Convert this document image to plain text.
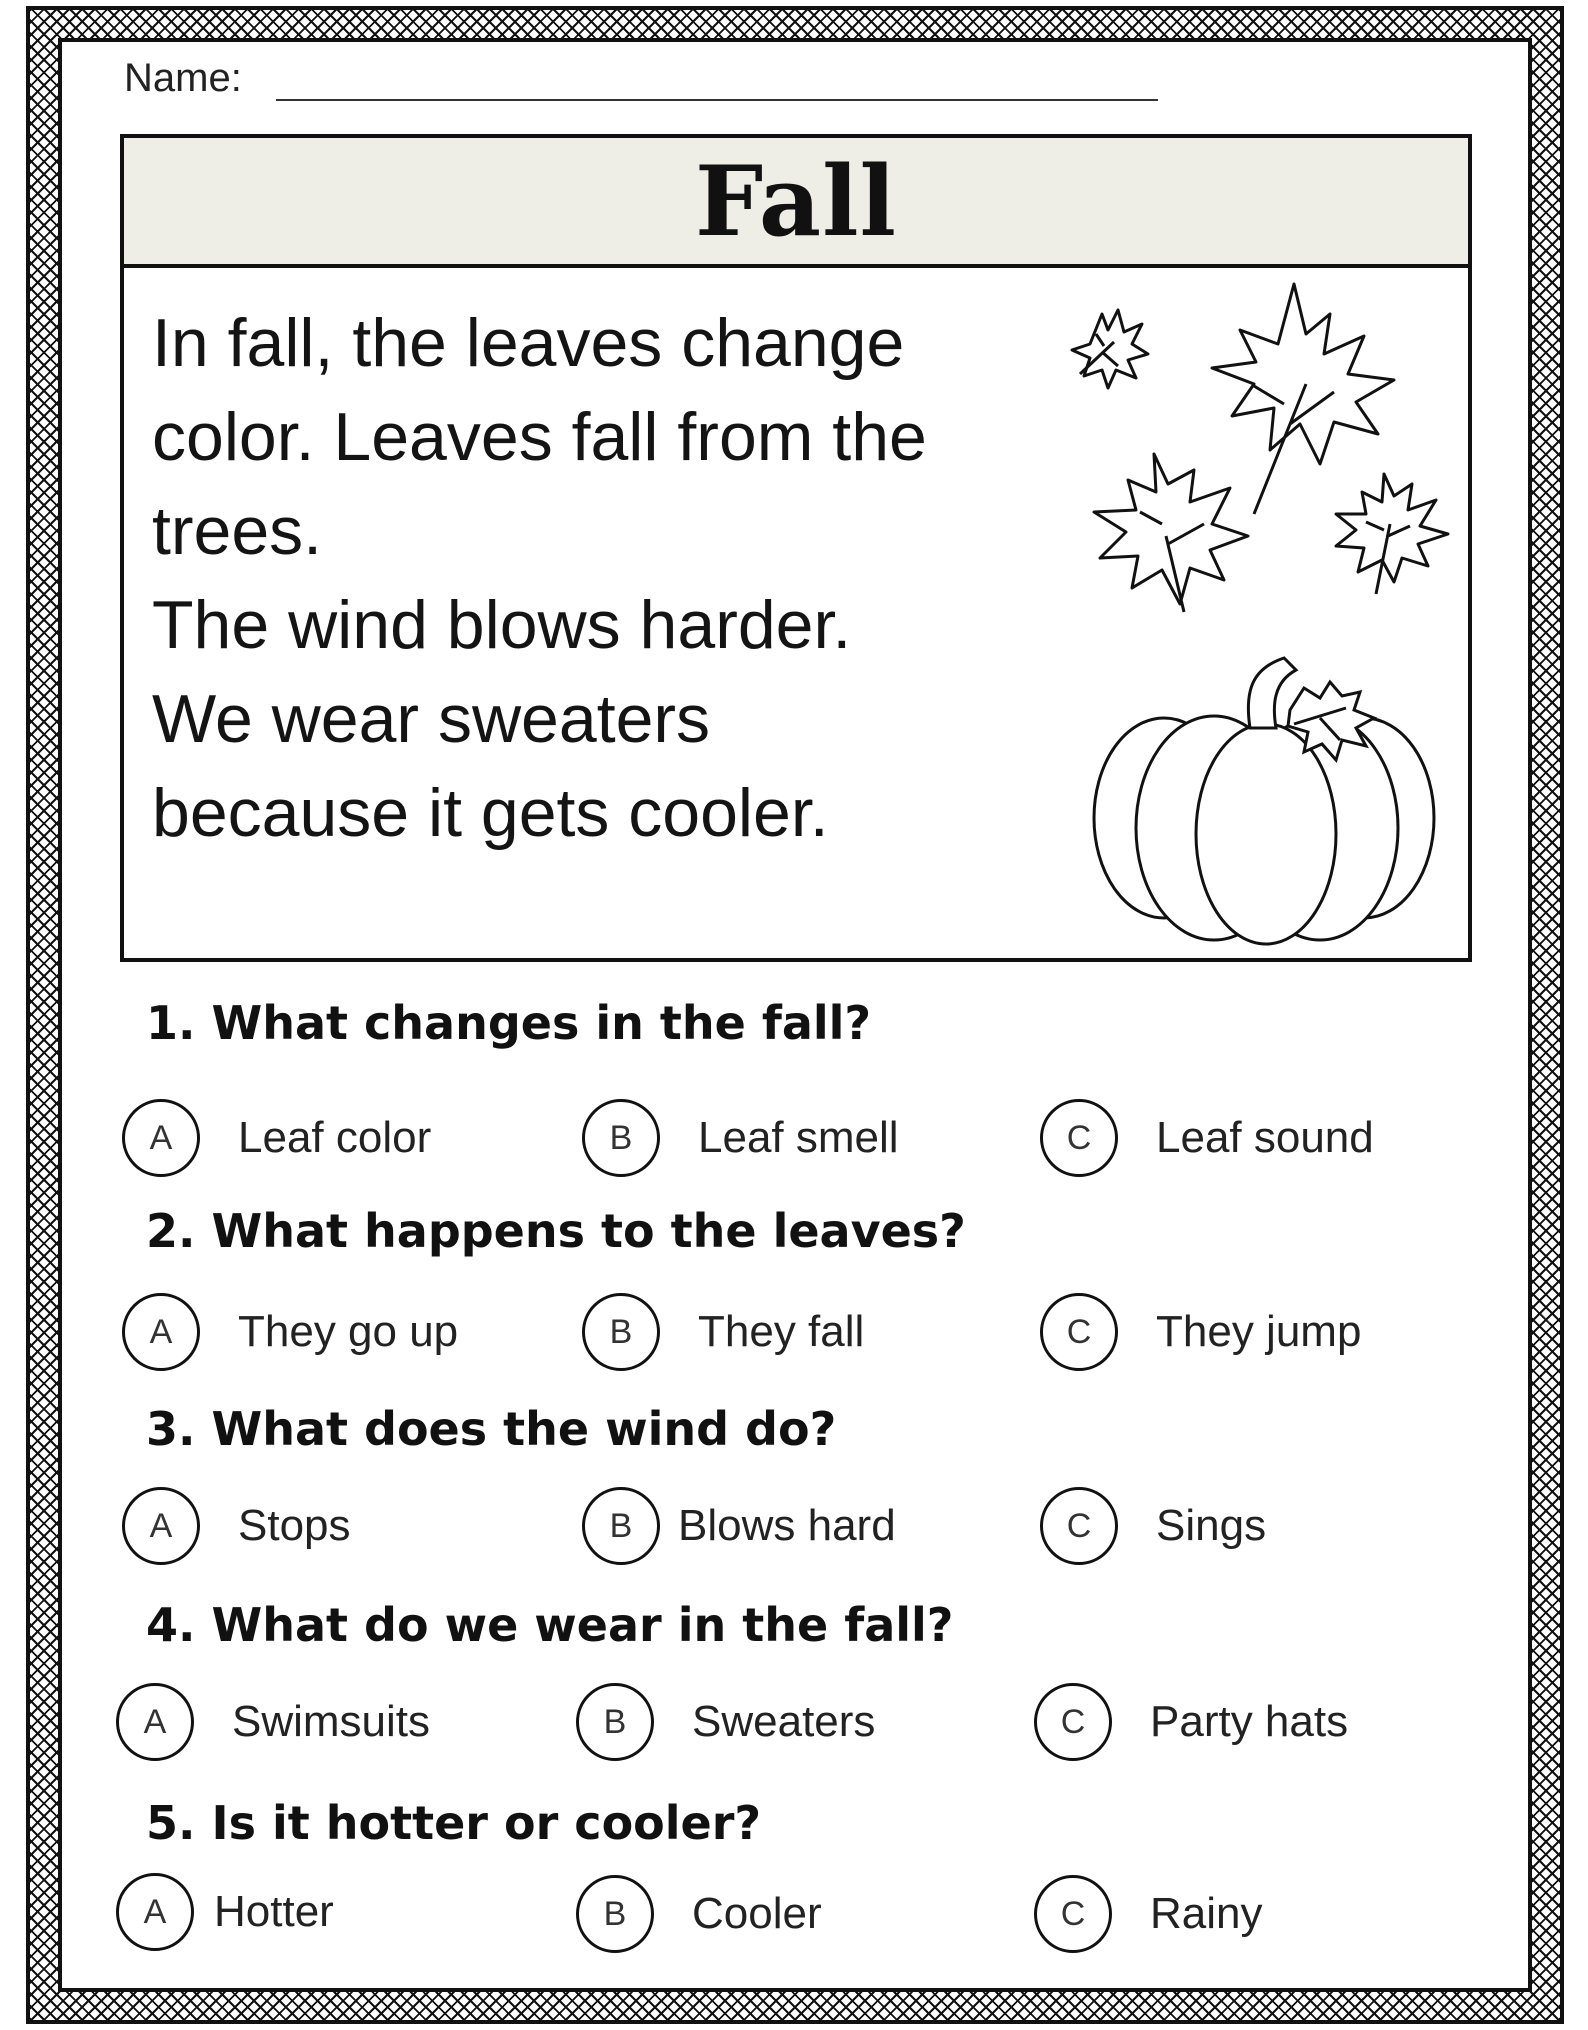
Name:
Fall
In fall, the leaves change
color. Leaves fall from the
trees.
The wind blows harder.
We wear sweaters
because it gets cooler.
1. What changes in the fall?
A	Leaf color	B	Leaf smell	C	Leaf sound
2. What happens to the leaves?
A	They go up	B	They fall	C	They jump
3. What does the wind do?
A	Stops	B	Blows hard	C	Sings
4. What do we wear in the fall?
A	Swimsuits	B	Sweaters	C	Party hats
5. Is it hotter or cooler?
A	Hotter	B	Cooler	C	Rainy
